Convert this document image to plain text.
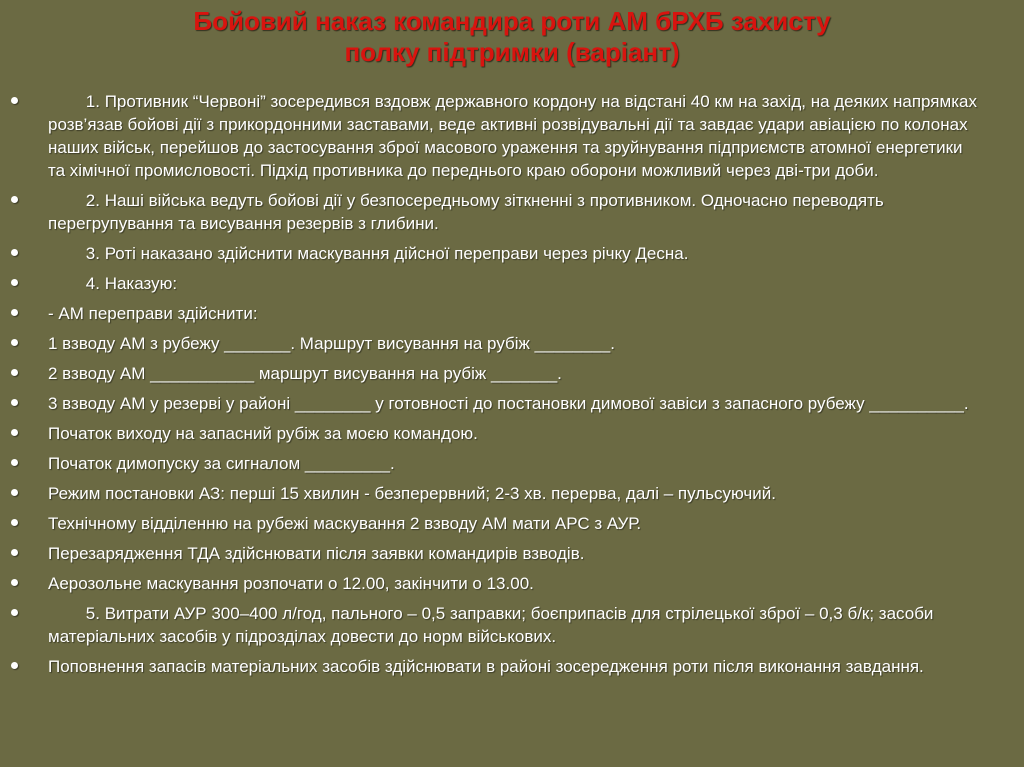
Бойовий наказ командира роти АМ бРХБ захисту
полку підтримки (варіант)
1. Противник “Червоні” зосередився вздовж державного кордону на відстані 40 км на захід, на деяких напрямках розв’язав бойові дії з прикордонними заставами, веде активні розвідувальні дії та завдає удари авіацією по колонах наших військ, перейшов до застосування зброї масового ураження та зруйнування підприємств атомної енергетики та хімічної промисловості. Підхід противника до переднього краю оборони можливий через дві-три доби.
2. Наші війська ведуть бойові дії у безпосередньому зіткненні з противником. Одночасно переводять перегрупування та висування резервів з глибини.
3. Роті наказано здійснити маскування дійсної переправи через річку Десна.
4. Наказую:
- АМ переправи здійснити:
1 взводу АМ з рубежу _______. Маршрут висування на рубіж ________.
2 взводу АМ ___________ маршрут висування на рубіж _______.
3 взводу АМ у резерві у районі ________ у готовності до постановки димової завіси з запасного рубежу __________.
Початок виходу на запасний рубіж за моєю командою.
Початок димопуску за сигналом _________.
Режим постановки АЗ: перші 15 хвилин - безперервний; 2-3 хв. перерва, далі – пульсуючий.
Технічному відділенню на рубежі маскування 2 взводу АМ мати АРС з АУР.
Перезарядження ТДА здійснювати після заявки командирів взводів.
Аерозольне маскування розпочати о 12.00, закінчити о 13.00.
5. Витрати АУР 300–400 л/год, пального – 0,5 заправки; боєприпасів для стрілецької зброї – 0,3 б/к; засоби матеріальних засобів у підрозділах довести до норм військових.
Поповнення запасів матеріальних засобів здійснювати в районі зосередження роти після виконання завдання.
